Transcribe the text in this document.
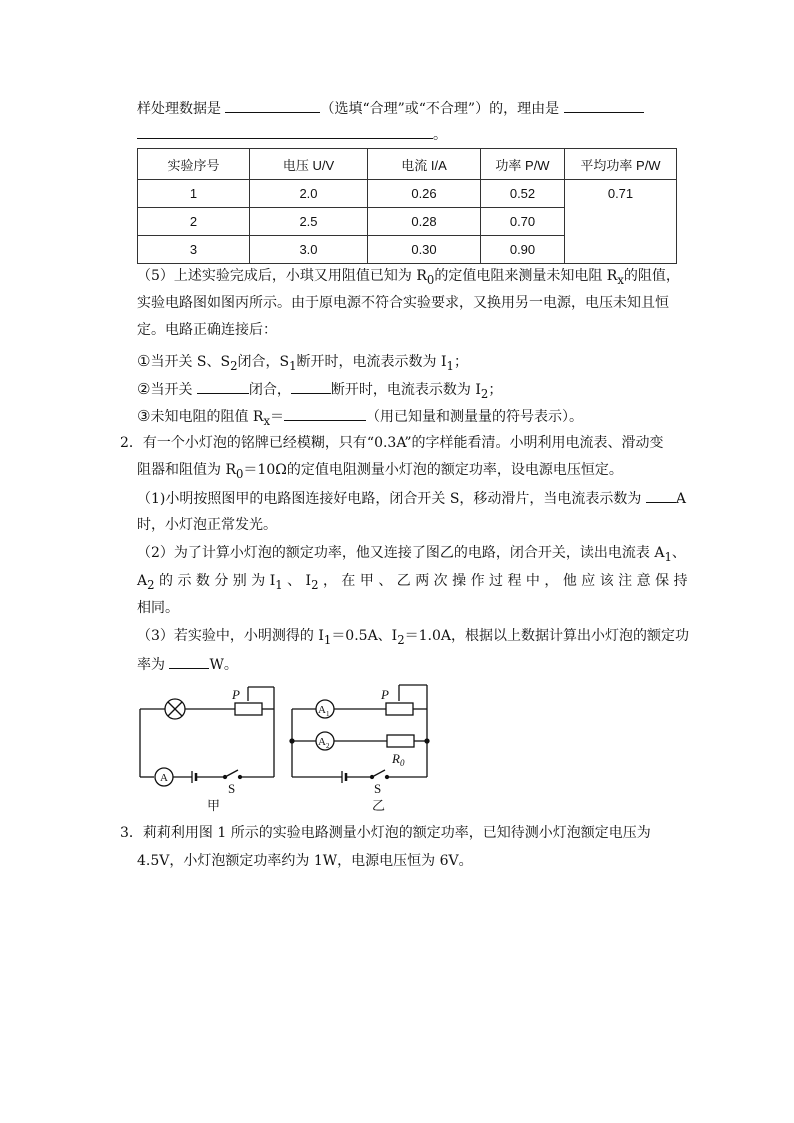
样处理数据是	（选填“合理”或“不合理”）的，理由是
。
实验序号	电压 U/V	电流 I/A	功率 P/W	平均功率 P/W
1	2.0	0.26	0.52	0.71
2	2.5	0.28	0.70	
3	3.0	0.30	0.90	
（5）上述实验完成后，小琪又用阻值已知为 $R_0$的定值电阻来测量未知电阻 $R_x$的阻值，
实验电路图如图丙所示。由于原电源不符合实验要求，又换用另一电源，电压未知且恒
定。电路正确连接后：
①当开关 S、$S_2$闭合，$S_1$断开时，电流表示数为 $I_1$；
②当开关	闭合，	断开时，电流表示数为 $I_2$；
③未知电阻的阻值 $R_x=$	（用已知量和测量量的符号表示）。
2．有一个小灯泡的铭牌已经模糊，只有“0.3A”的字样能看清。小明利用电流表、滑动变
阻器和阻值为 $R_0=10\Omega$的定值电阻测量小灯泡的额定功率，设电源电压恒定。
（1)小明按照图甲的电路图连接好电路，闭合开关 S，移动滑片，当电流表示数为 A
时，小灯泡正常发光。
（2）为了计算小灯泡的额定功率，他又连接了图乙的电路，闭合开关，读出电流表 $A_1$、
$A_2$ 的 示 数 分 别 为 $I_1$ 、 $I_2$ ， 在 甲 、 乙 两 次 操 作 过 程 中 ， 他 应 该 注 意 保 持
相同。
（3）若实验中，小明测得的 $I_1=0.5A$、$I_2=1.0A$，根据以上数据计算出小灯泡的额定功
率为	W。
P
A
S
甲
$A_1$
$A_2$
P
$R_0$
S
乙
3．莉莉利用图 1 所示的实验电路测量小灯泡的额定功率，已知待测小灯泡额定电压为
4.5V，小灯泡额定功率约为 1W，电源电压恒为 6V。
